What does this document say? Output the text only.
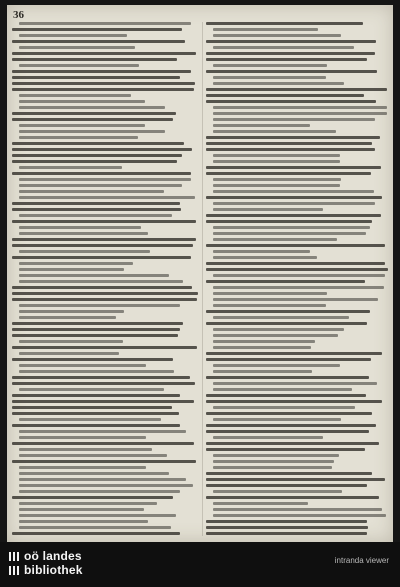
36
oö landes
bibliothek
intranda viewer
